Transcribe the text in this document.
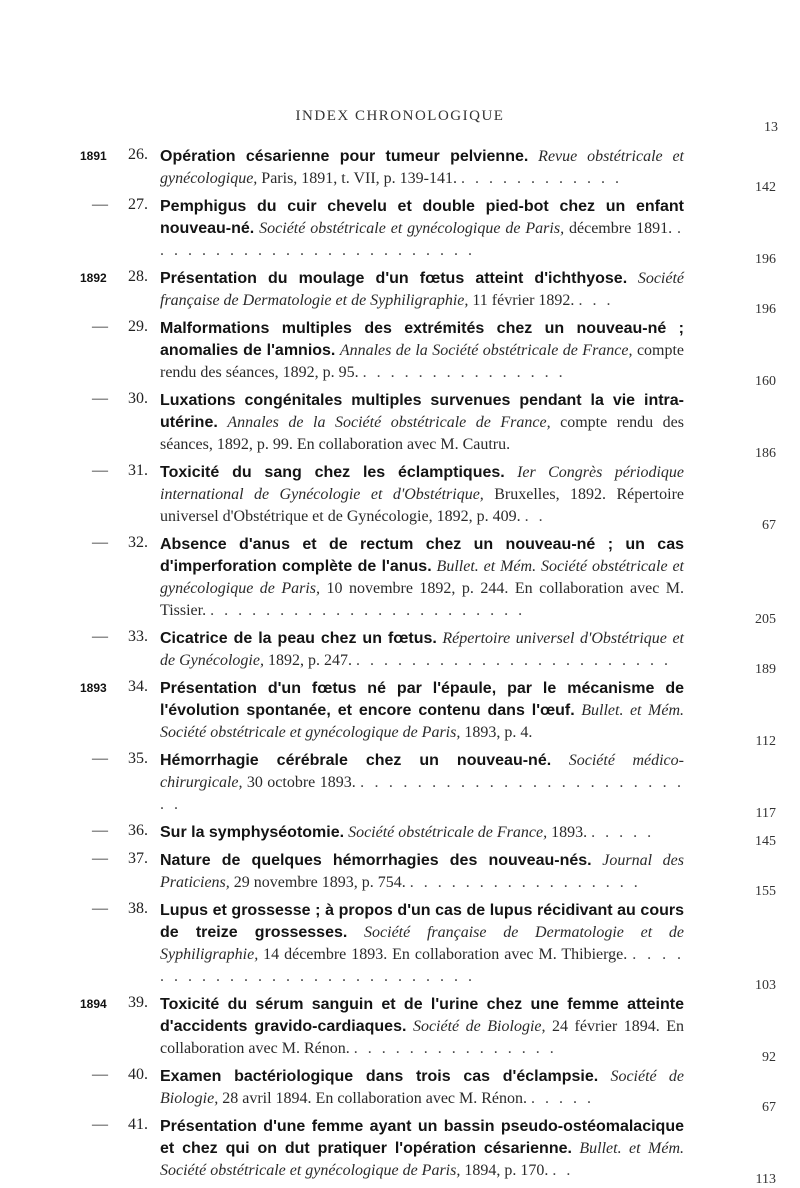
INDEX CHRONOLOGIQUE
13
1891 26. Opération césarienne pour tumeur pelvienne. Revue obstétricale et gynécologique, Paris, 1891, t. VII, p. 139-141. . . . . . . . . . . . .
142
— 27. Pemphigus du cuir chevelu et double pied-bot chez un enfant nouveau-né. Société obstétricale et gynécologique de Paris, décembre 1891. . . . . . . . . . . . . . . . . . . . . . . . .
196
1892 28. Présentation du moulage d'un fœtus atteint d'ichthyose. Société française de Dermatologie et de Syphiligraphie, 11 février 1892. . . .
196
— 29. Malformations multiples des extrémités chez un nouveau-né ; anomalies de l'amnios. Annales de la Société obstétricale de France, compte rendu des séances, 1892, p. 95. . . . . . . . . . . . . . . .
160
— 30. Luxations congénitales multiples survenues pendant la vie intra-utérine. Annales de la Société obstétricale de France, compte rendu des séances, 1892, p. 99. En collaboration avec M. Cautru.
186
— 31. Toxicité du sang chez les éclamptiques. Ier Congrès périodique international de Gynécologie et d'Obstétrique, Bruxelles, 1892. Répertoire universel d'Obstétrique et de Gynécologie, 1892, p. 409. . .
67
— 32. Absence d'anus et de rectum chez un nouveau-né ; un cas d'imperforation complète de l'anus. Bullet. et Mém. Société obstétricale et gynécologique de Paris, 10 novembre 1892, p. 244. En collaboration avec M. Tissier. . . . . . . . . . . . . . . . . . . . . . . .
205
— 33. Cicatrice de la peau chez un fœtus. Répertoire universel d'Obstétrique et de Gynécologie, 1892, p. 247. . . . . . . . . . . . . . . . . . . . . . . .
189
1893 34. Présentation d'un fœtus né par l'épaule, par le mécanisme de l'évolution spontanée, et encore contenu dans l'œuf. Bullet. et Mém. Société obstétricale et gynécologique de Paris, 1893, p. 4.
112
— 35. Hémorrhagie cérébrale chez un nouveau-né. Société médico-chirurgicale, 30 octobre 1893. . . . . . . . . . . . . . . . . . . . . . . . . .
117
— 36. Sur la symphyséotomie. Société obstétricale de France, 1893. . . . . .
145
— 37. Nature de quelques hémorrhagies des nouveau-nés. Journal des Praticiens, 29 novembre 1893, p. 754. . . . . . . . . . . . . . . . . .
155
— 38. Lupus et grossesse ; à propos d'un cas de lupus récidivant au cours de treize grossesses. Société française de Dermatologie et de Syphiligraphie, 14 décembre 1893. En collaboration avec M. Thibierge. . . . . . . . . . . . . . . . . . . . . . . . . . . .
103
1894 39. Toxicité du sérum sanguin et de l'urine chez une femme atteinte d'accidents gravido-cardiaques. Société de Biologie, 24 février 1894. En collaboration avec M. Rénon. . . . . . . . . . . . . . . .
92
— 40. Examen bactériologique dans trois cas d'éclampsie. Société de Biologie, 28 avril 1894. En collaboration avec M. Rénon. . . . . .
67
— 41. Présentation d'une femme ayant un bassin pseudo-ostéomalacique et chez qui on dut pratiquer l'opération césarienne. Bullet. et Mém. Société obstétricale et gynécologique de Paris, 1894, p. 170. . .
113
